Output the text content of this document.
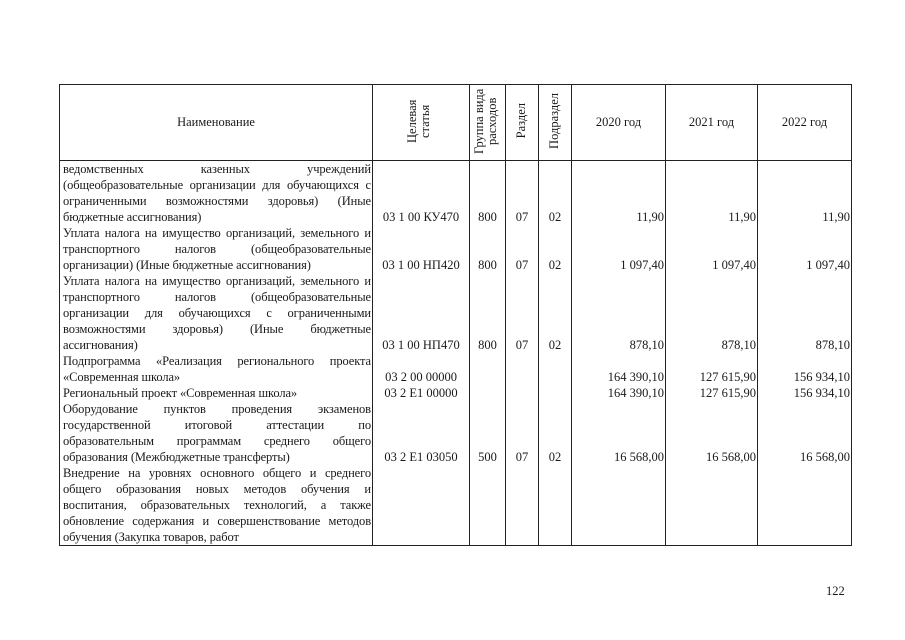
Наименование	Целевая статья	Группа вида расходов	Раздел	Подраздел	2020 год	2021 год	2022 год
ведомственных казенных учреждений (общеобразовательные организации для обучающихся с ограниченными возможностями здоровья) (Иные бюджетные ассигнования)	03 1 00 КУ470	800	07	02	11,90	11,90	11,90
Уплата налога на имущество организаций, земельного и транспортного налогов (общеобразовательные организации) (Иные бюджетные ассигнования)	03 1 00 НП420	800	07	02	1 097,40	1 097,40	1 097,40
Уплата налога на имущество организаций, земельного и транспортного налогов (общеобразовательные организации для обучающихся с ограниченными возможностями здоровья) (Иные бюджетные ассигнования)	03 1 00 НП470	800	07	02	878,10	878,10	878,10
Подпрограмма «Реализация регионального проекта «Современная школа»	03 2 00 00000				164 390,10	127 615,90	156 934,10
Региональный проект «Современная школа»	03 2 E1 00000				164 390,10	127 615,90	156 934,10
Оборудование пунктов проведения экзаменов государственной итоговой аттестации по образовательным программам среднего общего образования (Межбюджетные трансферты)	03 2 E1 03050	500	07	02	16 568,00	16 568,00	16 568,00
Внедрение на уровнях основного общего и среднего общего образования новых методов обучения и воспитания, образовательных технологий, а также обновление содержания и совершенствование методов обучения (Закупка товаров, работ							
122
